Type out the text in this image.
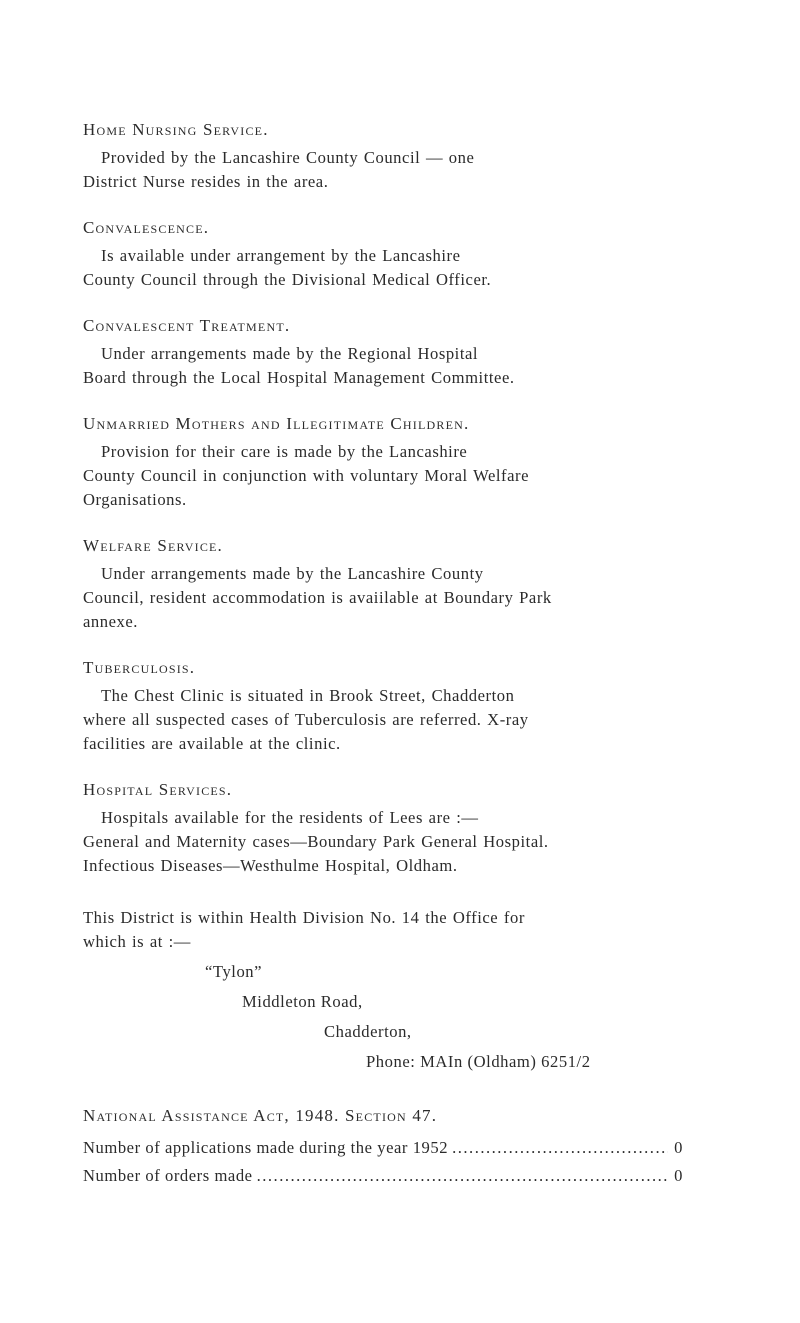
Home Nursing Service.

Provided by the Lancashire County Council — one
District Nurse resides in the area.

Convalescence.

Is available under arrangement by the Lancashire
County Council through the Divisional Medical Officer.

Convalescent Treatment.

Under arrangements made by the Regional Hospital
Board through the Local Hospital Management Committee.

Unmarried Mothers and Illegitimate Children.

Provision for their care is made by the Lancashire
County Council in conjunction with voluntary Moral Welfare
Organisations.

Welfare Service.

Under arrangements made by the Lancashire County
Council, resident accommodation is avaiilable at Boundary Park
annexe.

Tuberculosis.

The Chest Clinic is situated in Brook Street, Chadderton
where all suspected cases of Tuberculosis are referred. X-ray
facilities are available at the clinic.

Hospital Services.

Hospitals available for the residents of Lees are :—
General and Maternity cases—Boundary Park General Hospital.
Infectious Diseases—Westhulme Hospital, Oldham.

This District is within Health Division No. 14 the Office for
which is at :—

“Tylon”
Middleton Road,
Chadderton,
Phone: MAIn (Oldham) 6251/2
National Assistance Act, 1948. Section 47.
Number of applications made during the year 1952 .....	0
Number of orders made .....	0
